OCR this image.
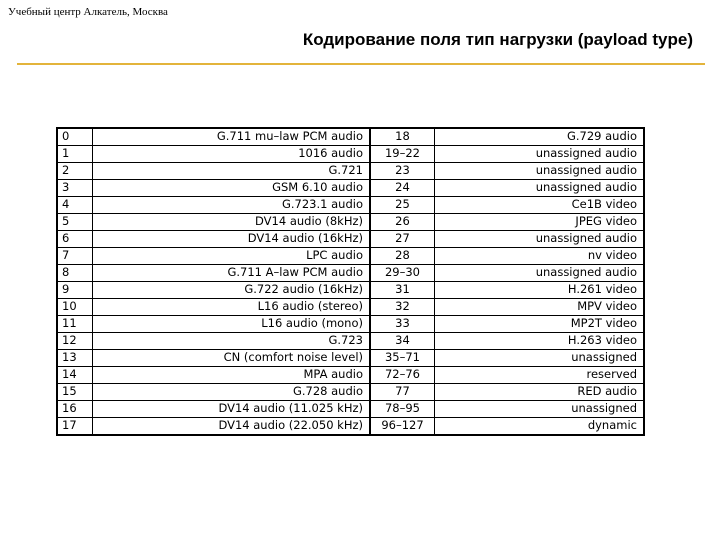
Учебный центр Алкатель, Москва
Кодирование поля тип нагрузки (payload type)
0	G.711 mu–law PCM audio	18	G.729 audio
1	1016 audio	19–22	unassigned audio
2	G.721	23	unassigned audio
3	GSM 6.10 audio	24	unassigned audio
4	G.723.1 audio	25	Ce1B video
5	DV14 audio (8kHz)	26	JPEG video
6	DV14 audio (16kHz)	27	unassigned audio
7	LPC audio	28	nv video
8	G.711 A–law PCM audio	29–30	unassigned audio
9	G.722 audio (16kHz)	31	H.261 video
10	L16 audio (stereo)	32	MPV video
11	L16 audio (mono)	33	MP2T video
12	G.723	34	H.263 video
13	CN (comfort noise level)	35–71	unassigned
14	MPA audio	72–76	reserved
15	G.728 audio	77	RED audio
16	DV14 audio (11.025 kHz)	78–95	unassigned
17	DV14 audio (22.050 kHz)	96–127	dynamic
